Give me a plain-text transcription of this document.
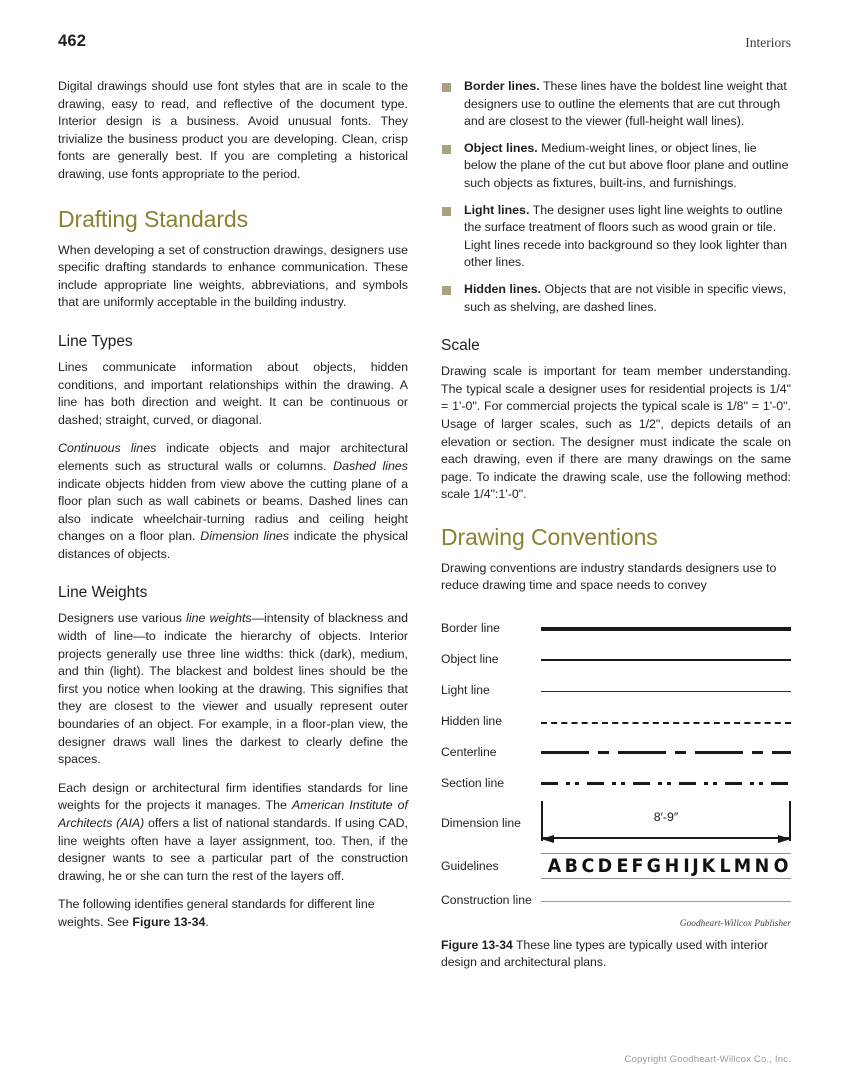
462	Interiors

Digital drawings should use font styles that are in scale to the drawing, easy to read, and reflective of the document type. Interior design is a business. Avoid unusual fonts. They trivialize the business product you are developing. Clean, crisp fonts are generally best. If you are completing a historical drawing, use fonts appropriate to the period.

Drafting Standards

When developing a set of construction drawings, designers use specific drafting standards to enhance communication. These include appropriate line weights, abbreviations, and symbols that are uniformly acceptable in the building industry.

Line Types

Lines communicate information about objects, hidden conditions, and important relationships within the drawing. A line has both direction and weight. It can be continuous or dashed; straight, curved, or diagonal.

Continuous lines indicate objects and major architectural elements such as structural walls or columns. Dashed lines indicate objects hidden from view above the cutting plane of a floor plan such as wall cabinets or beams. Dashed lines can also indicate wheelchair-turning radius and ceiling height changes on a floor plan. Dimension lines indicate the physical distances of objects.

Line Weights

Designers use various line weights—intensity of blackness and width of line—to indicate the hierarchy of objects. Interior projects generally use three line widths: thick (dark), medium, and thin (light). The blackest and boldest lines should be the first you notice when looking at the drawing. This signifies that they are closest to the viewer and usually represent outer boundaries of an object. For example, in a floor-plan view, the designer draws wall lines the darkest to clearly define the spaces.

Each design or architectural firm identifies standards for line weights for the projects it manages. The American Institute of Architects (AIA) offers a list of national standards. If using CAD, line weights often have a layer assignment, too. Then, if the designer wants to see a particular part of the construction drawing, he or she can turn the rest of the layers off.

The following identifies general standards for different line weights. See Figure 13-34.

Border lines. These lines have the boldest line weight that designers use to outline the elements that are cut through and are closest to the viewer (full-height wall lines).
Object lines. Medium-weight lines, or object lines, lie below the plane of the cut but above floor plane and outline such objects as fixtures, built-ins, and furnishings.
Light lines. The designer uses light line weights to outline the surface treatment of floors such as wood grain or tile. Light lines recede into background so they look lighter than other lines.
Hidden lines. Objects that are not visible in specific views, such as shelving, are dashed lines.
Scale

Drawing scale is important for team member understanding. The typical scale a designer uses for residential projects is 1/4" = 1'-0". For commercial projects the typical scale is 1/8" = 1'-0". Usage of larger scales, such as 1/2", depicts details of an elevation or section. The designer must indicate the scale on each drawing, even if there are many drawings on the same page. To indicate the drawing scale, use the following method: scale 1/4":1'-0".

Drawing Conventions

Drawing conventions are industry standards designers use to reduce drawing time and space needs to convey

Border line
Object line
Light line
Hidden line
Centerline
Section line
Dimension line	8′-9″
Guidelines	A B C D E F G H I J K L M N O
Construction line
Goodheart-Willcox Publisher
Figure 13-34 These line types are typically used with interior design and architectural plans.
Copyright Goodheart-Willcox Co., Inc.
